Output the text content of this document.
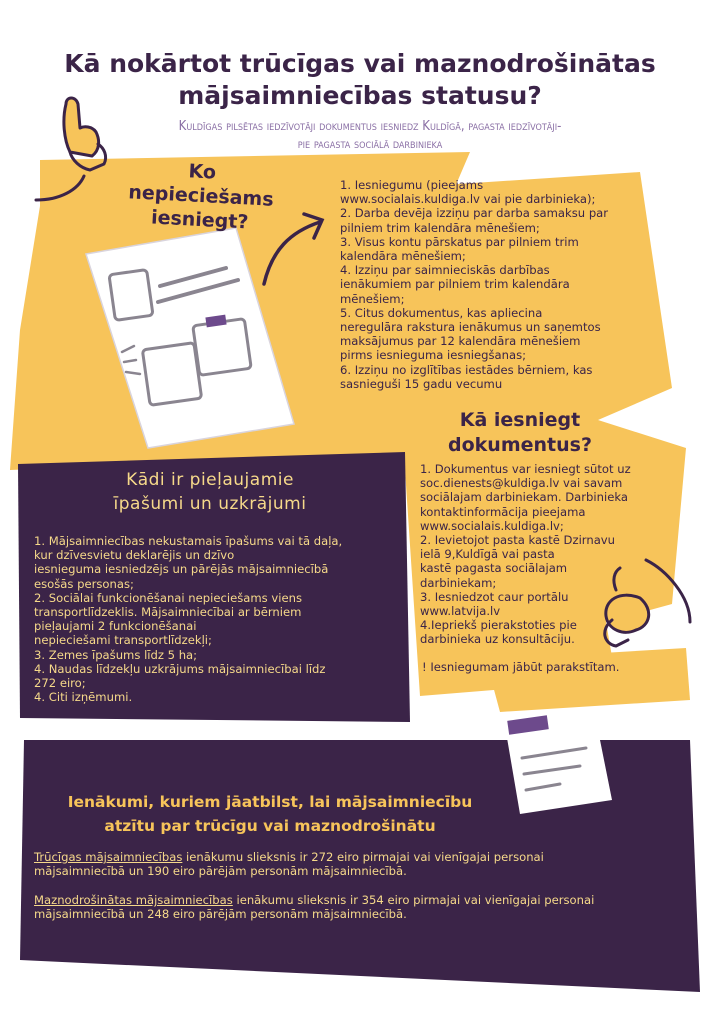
Kā nokārtot trūcīgas vai maznodrošinātas
mājsaimniecības statusu?

Kuldīgas pilsētas iedzīvotāji dokumentus iesniedz Kuldīgā, pagasta iedzīvotāji-
pie pagasta sociālā darbinieka

Ko nepieciešams
iesniegt?

1. Iesniegumu (pieejams
www.socialais.kuldiga.lv vai pie darbinieka);
2. Darba devēja izziņu par darba samaksu par
pilniem trim kalendāra mēnešiem;
3. Visus kontu pārskatus par pilniem trim
kalendāra mēnešiem;
4. Izziņu par saimnieciskās darbības
ienākumiem par pilniem trim kalendāra
mēnešiem;
5. Citus dokumentus, kas apliecina
neregulāra rakstura ienākumus un saņemtos
maksājumus par 12 kalendāra mēnešiem
pirms iesnieguma iesniegšanas;
6. Izziņu no izglītības iestādes bērniem, kas
sasnieguši 15 gadu vecumu

Kā iesniegt
dokumentus?

1. Dokumentus var iesniegt sūtot uz
soc.dienests@kuldiga.lv vai savam
sociālajam darbiniekam. Darbinieka
kontaktinformācija pieejama
www.socialais.kuldiga.lv;
2. Ievietojot pasta kastē Dzirnavu
ielā 9,Kuldīgā vai pasta
kastē pagasta sociālajam
darbiniekam;
3. Iesniedzot caur portālu
www.latvija.lv
4.Iepriekš pierakstoties pie
darbinieka uz konsultāciju.

! Iesniegumam jābūt parakstītam.

Kādi ir pieļaujamie
īpašumi un uzkrājumi

1. Mājsaimniecības nekustamais īpašums vai tā daļa,
kur dzīvesvietu deklarējis un dzīvo
iesnieguma iesniedzējs un pārējās mājsaimniecībā
esošās personas;
2. Sociālai funkcionēšanai nepieciešams viens
transportlīdzeklis. Mājsaimniecībai ar bērniem
pieļaujami 2 funkcionēšanai
nepieciešami transportlīdzekļi;
3. Zemes īpašums līdz 5 ha;
4. Naudas līdzekļu uzkrājums mājsaimniecībai līdz
272 eiro;
4. Citi izņēmumi.

Ienākumi, kuriem jāatbilst, lai mājsaimniecību
atzītu par trūcīgu vai maznodrošinātu

Trūcīgas mājsaimniecības ienākumu slieksnis ir 272 eiro pirmajai vai vienīgajai personai mājsaimniecībā un 190 eiro pārējām personām mājsaimniecībā.

Maznodrošinātas mājsaimniecības ienākumu slieksnis ir 354 eiro pirmajai vai vienīgajai personai mājsaimniecībā un 248 eiro pārējām personām mājsaimniecībā.
